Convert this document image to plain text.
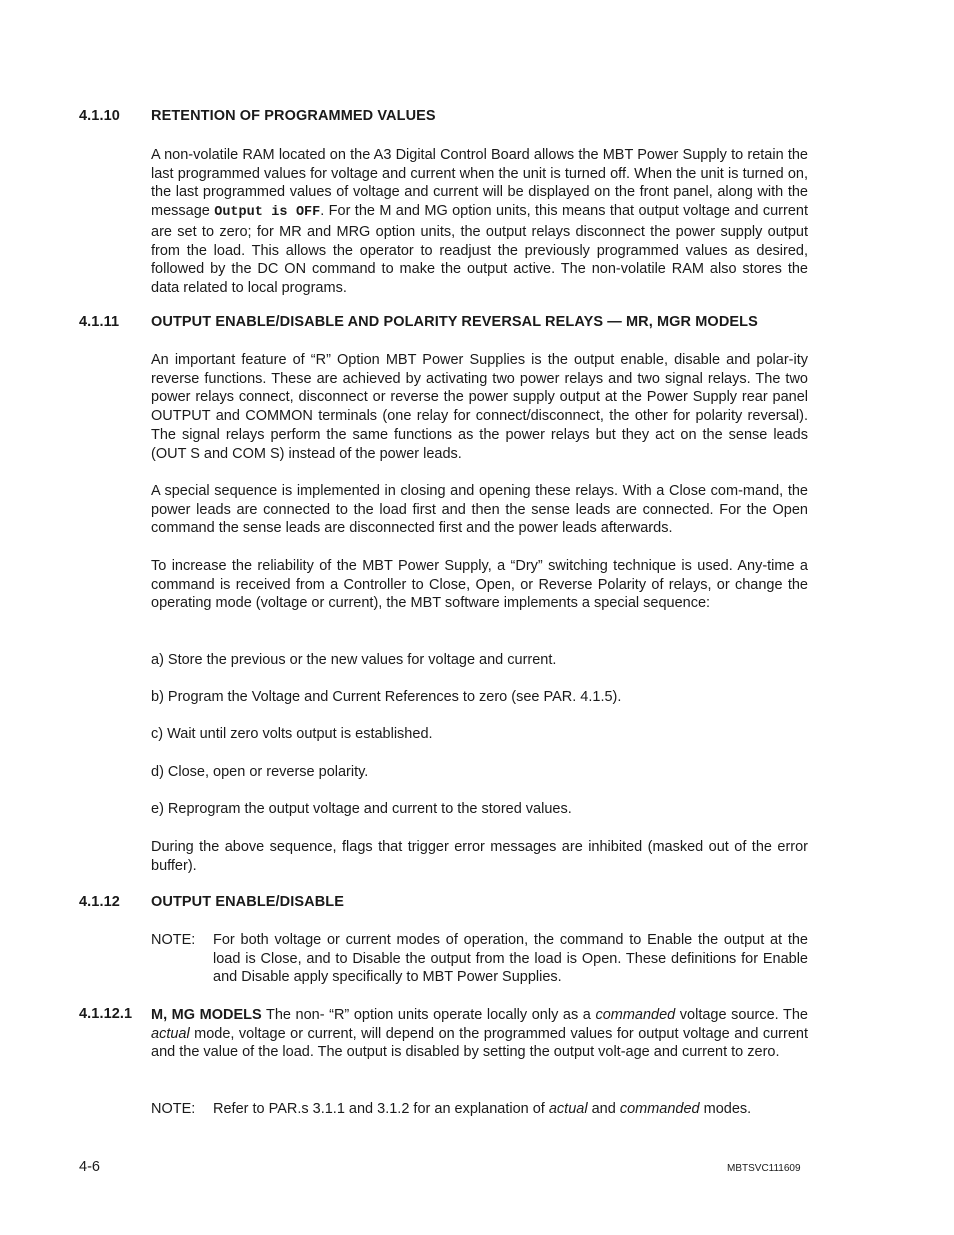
4.1.10 RETENTION OF PROGRAMMED VALUES
A non-volatile RAM located on the A3 Digital Control Board allows the MBT Power Supply to retain the last programmed values for voltage and current when the unit is turned off. When the unit is turned on, the last programmed values of voltage and current will be displayed on the front panel, along with the message Output is OFF. For the M and MG option units, this means that output voltage and current are set to zero; for MR and MRG option units, the output relays disconnect the power supply output from the load. This allows the operator to readjust the previously programmed values as desired, followed by the DC ON command to make the output active. The non-volatile RAM also stores the data related to local programs.
4.1.11 OUTPUT ENABLE/DISABLE AND POLARITY REVERSAL RELAYS — MR, MGR MODELS
An important feature of “R” Option MBT Power Supplies is the output enable, disable and polar-ity reverse functions. These are achieved by activating two power relays and two signal relays. The two power relays connect, disconnect or reverse the power supply output at the Power Supply rear panel OUTPUT and COMMON terminals (one relay for connect/disconnect, the other for polarity reversal). The signal relays perform the same functions as the power relays but they act on the sense leads (OUT S and COM S) instead of the power leads.
A special sequence is implemented in closing and opening these relays. With a Close com-mand, the power leads are connected to the load first and then the sense leads are connected. For the Open command the sense leads are disconnected first and the power leads afterwards.
To increase the reliability of the MBT Power Supply, a “Dry” switching technique is used. Any-time a command is received from a Controller to Close, Open, or Reverse Polarity of relays, or change the operating mode (voltage or current), the MBT software implements a special sequence:
a) Store the previous or the new values for voltage and current.
b) Program the Voltage and Current References to zero (see PAR. 4.1.5).
c) Wait until zero volts output is established.
d) Close, open or reverse polarity.
e) Reprogram the output voltage and current to the stored values.
During the above sequence, flags that trigger error messages are inhibited (masked out of the error buffer).
4.1.12 OUTPUT ENABLE/DISABLE
NOTE: For both voltage or current modes of operation, the command to Enable the output at the load is Close, and to Disable the output from the load is Open. These definitions for Enable and Disable apply specifically to MBT Power Supplies.
4.1.12.1 M, MG MODELS The non- “R” option units operate locally only as a commanded voltage source. The actual mode, voltage or current, will depend on the programmed values for output voltage and current and the value of the load. The output is disabled by setting the output volt-age and current to zero.
NOTE: Refer to PAR.s 3.1.1 and 3.1.2 for an explanation of actual and commanded modes.
4-6	MBTSVC111609
